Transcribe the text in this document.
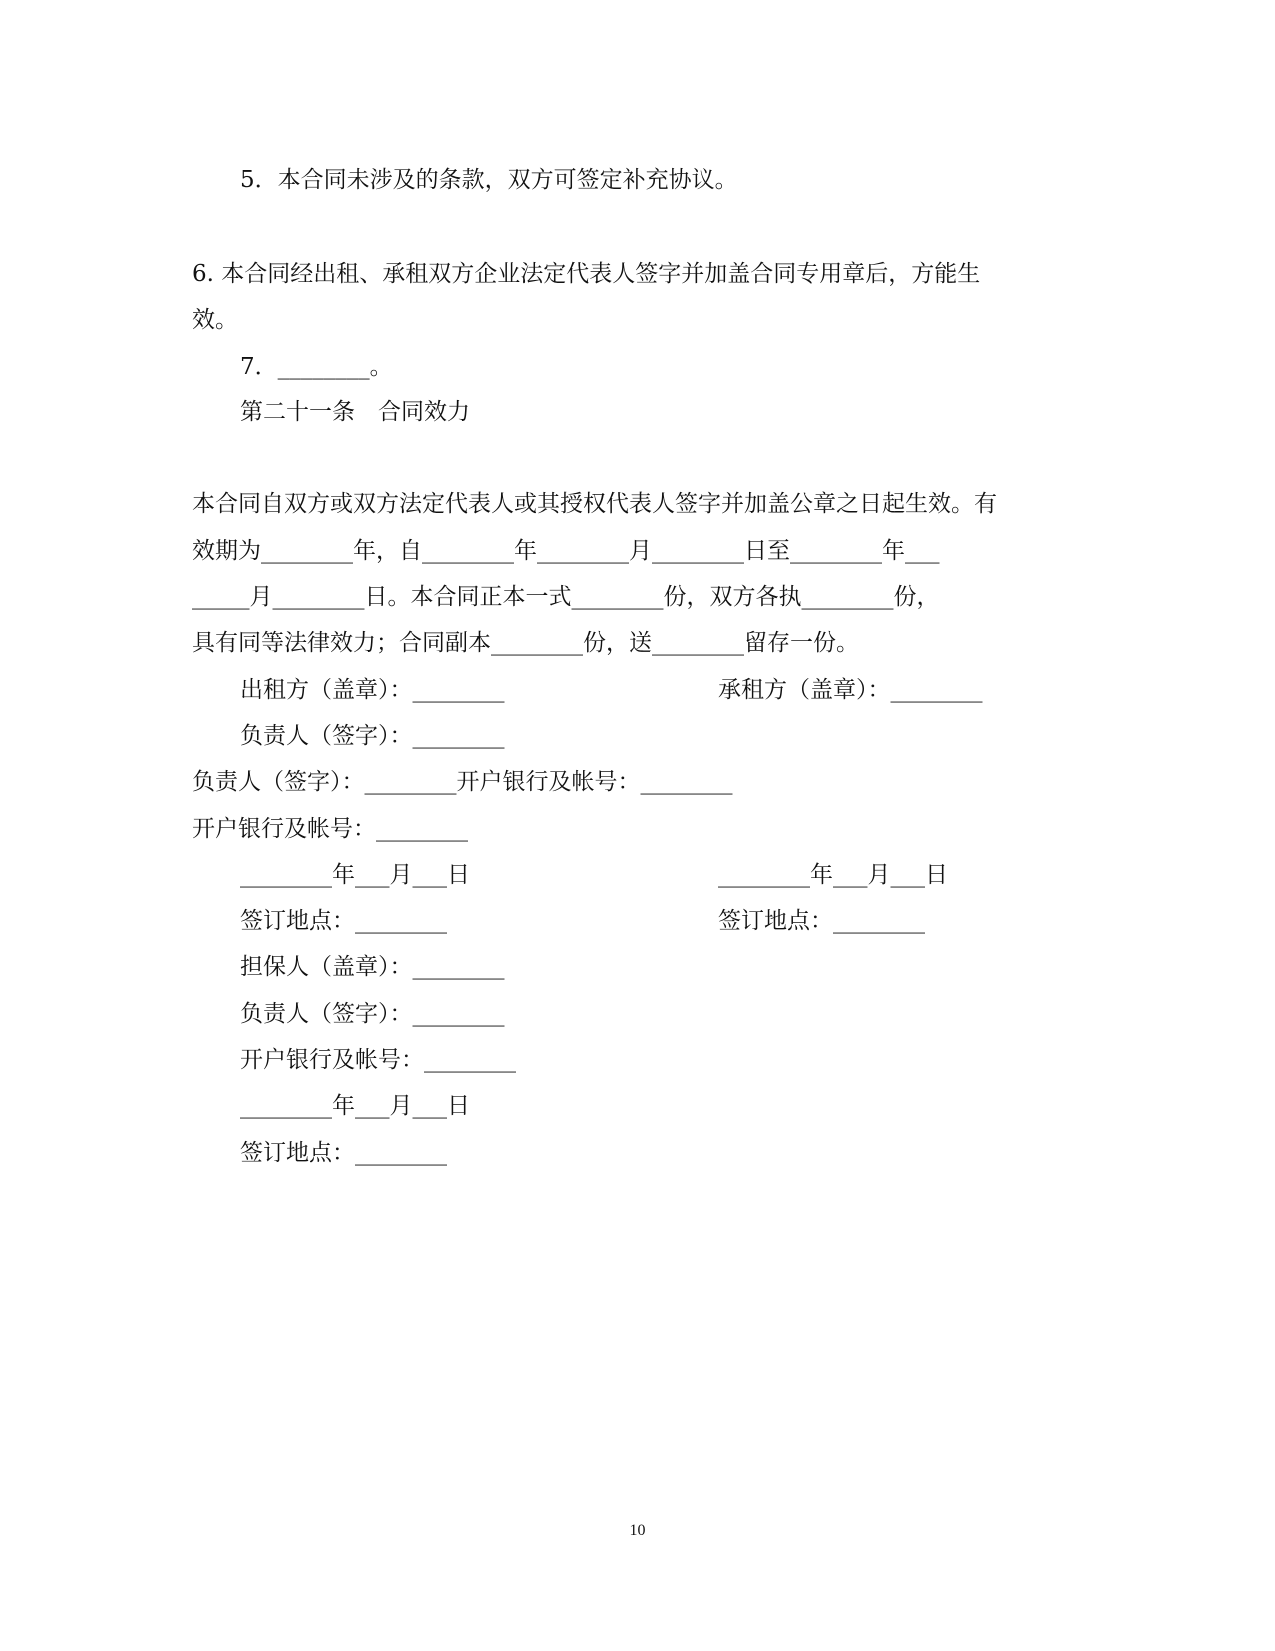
5．本合同未涉及的条款，双方可签定补充协议。
6. 本合同经出租、承租双方企业法定代表人签字并加盖合同专用章后，方能生
效。
7．________。
第二十一条　合同效力
本合同自双方或双方法定代表人或其授权代表人签字并加盖公章之日起生效。有
效期为________年，自________年________月________日至________年___
_____月________日。本合同正本一式________份，双方各执________份，
具有同等法律效力；合同副本________份，送________留存一份。
出租方（盖章）：________	承租方（盖章）：________
负责人（签字）：________
负责人（签字）：________开户银行及帐号：________
开户银行及帐号：________
________年___月___日	________年___月___日
签订地点：________	签订地点：________
担保人（盖章）：________
负责人（签字）：________
开户银行及帐号：________
________年___月___日
签订地点：________
10
